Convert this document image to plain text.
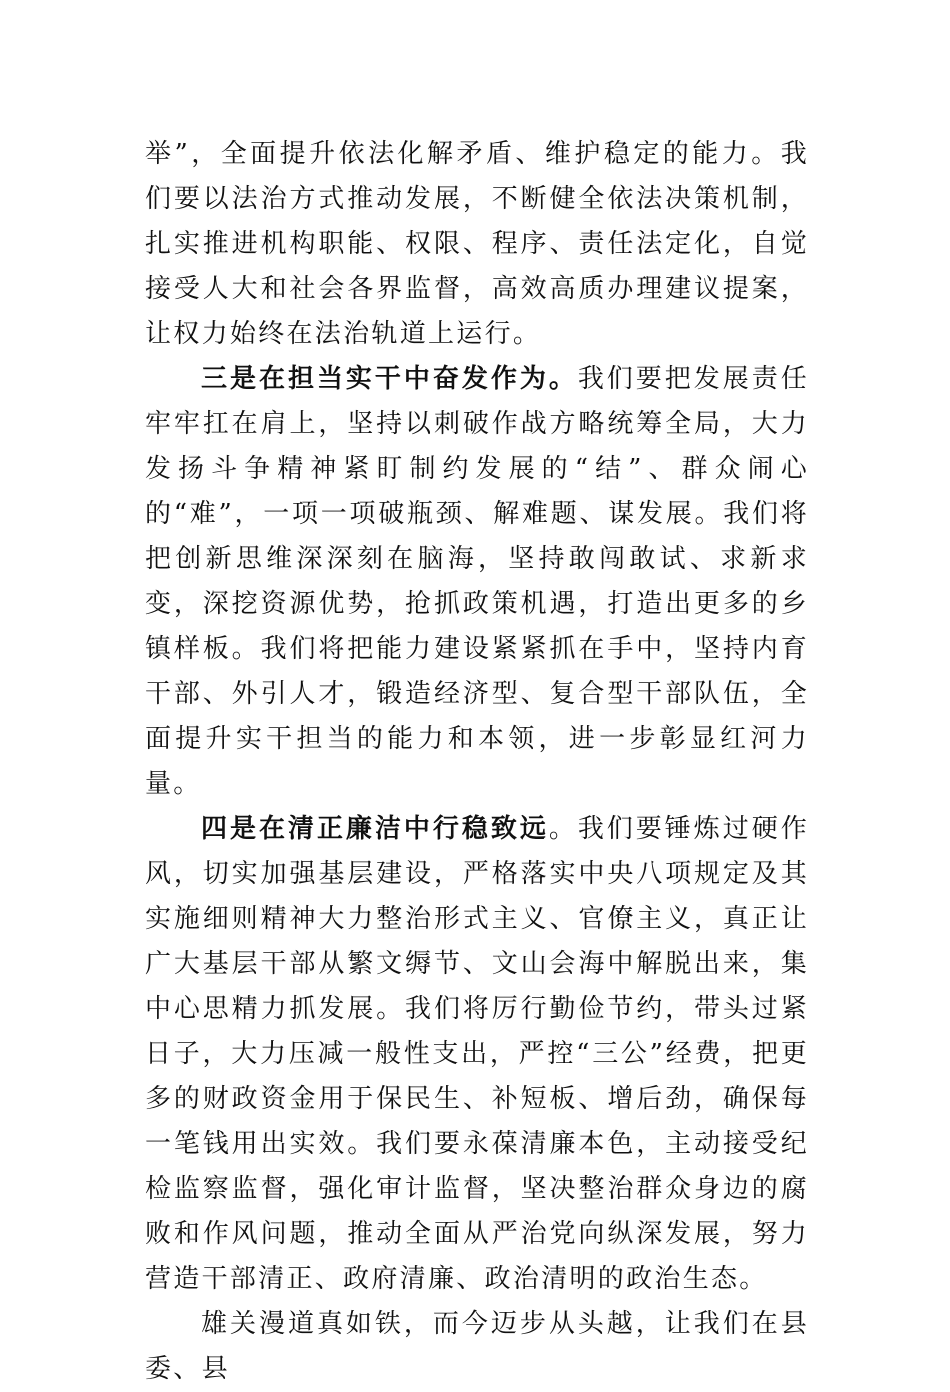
举”，全面提升依法化解矛盾、维护稳定的能力。我们要以法治方式推动发展，不断健全依法决策机制，扎实推进机构职能、权限、程序、责任法定化，自觉接受人大和社会各界监督，高效高质办理建议提案，让权力始终在法治轨道上运行。

三是在担当实干中奋发作为。我们要把发展责任牢牢扛在肩上，坚持以刺破作战方略统筹全局，大力发扬斗争精神紧盯制约发展的“结”、群众闹心的“难”，一项一项破瓶颈、解难题、谋发展。我们将把创新思维深深刻在脑海，坚持敢闯敢试、求新求变，深挖资源优势，抢抓政策机遇，打造出更多的乡镇样板。我们将把能力建设紧紧抓在手中，坚持内育干部、外引人才，锻造经济型、复合型干部队伍，全面提升实干担当的能力和本领，进一步彰显红河力量。

四是在清正廉洁中行稳致远。我们要锤炼过硬作风，切实加强基层建设，严格落实中央八项规定及其实施细则精神大力整治形式主义、官僚主义，真正让广大基层干部从繁文缛节、文山会海中解脱出来，集中心思精力抓发展。我们将厉行勤俭节约，带头过紧日子，大力压减一般性支出，严控“三公”经费，把更多的财政资金用于保民生、补短板、增后劲，确保每一笔钱用出实效。我们要永葆清廉本色，主动接受纪检监察监督，强化审计监督，坚决整治群众身边的腐败和作风问题，推动全面从严治党向纵深发展，努力营造干部清正、政府清廉、政治清明的政治生态。

雄关漫道真如铁，而今迈步从头越，让我们在县委、县
